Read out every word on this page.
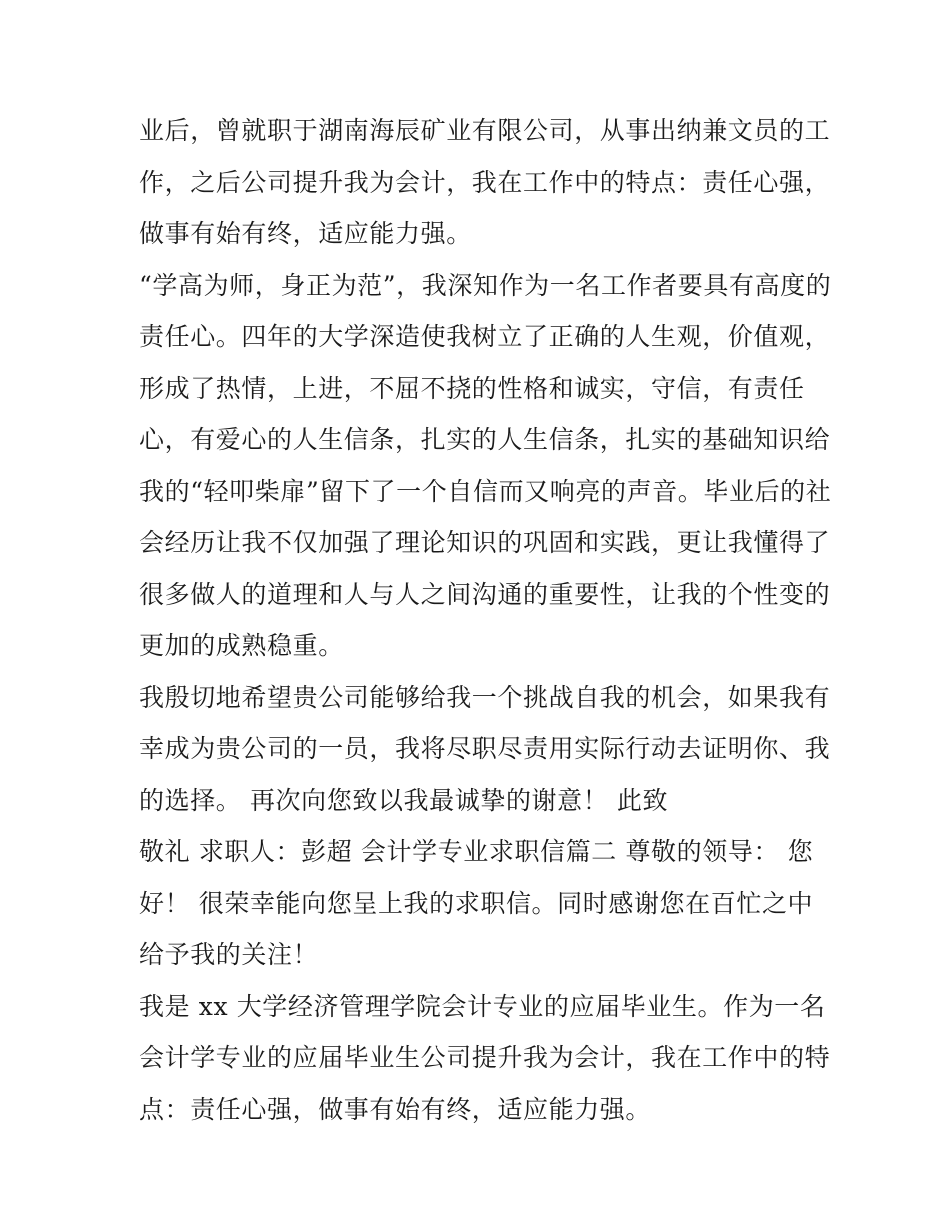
业后，曾就职于湖南海辰矿业有限公司，从事出纳兼文员的工
作，之后公司提升我为会计，我在工作中的特点：责任心强，
做事有始有终，适应能力强。
“学高为师，身正为范”，我深知作为一名工作者要具有高度的
责任心。四年的大学深造使我树立了正确的人生观，价值观，
形成了热情，上进，不屈不挠的性格和诚实，守信，有责任
心，有爱心的人生信条，扎实的人生信条，扎实的基础知识给
我的“轻叩柴扉”留下了一个自信而又响亮的声音。毕业后的社
会经历让我不仅加强了理论知识的巩固和实践，更让我懂得了
很多做人的道理和人与人之间沟通的重要性，让我的个性变的
更加的成熟稳重。
我殷切地希望贵公司能够给我一个挑战自我的机会，如果我有
幸成为贵公司的一员，我将尽职尽责用实际行动去证明你、我
的选择。 再次向您致以我最诚挚的谢意！ 此致
敬礼 求职人：彭超 会计学专业求职信篇二 尊敬的领导： 您
好！ 很荣幸能向您呈上我的求职信。同时感谢您在百忙之中
给予我的关注！
我是 xx 大学经济管理学院会计专业的应届毕业生。作为一名
会计学专业的应届毕业生公司提升我为会计，我在工作中的特
点：责任心强，做事有始有终，适应能力强。
